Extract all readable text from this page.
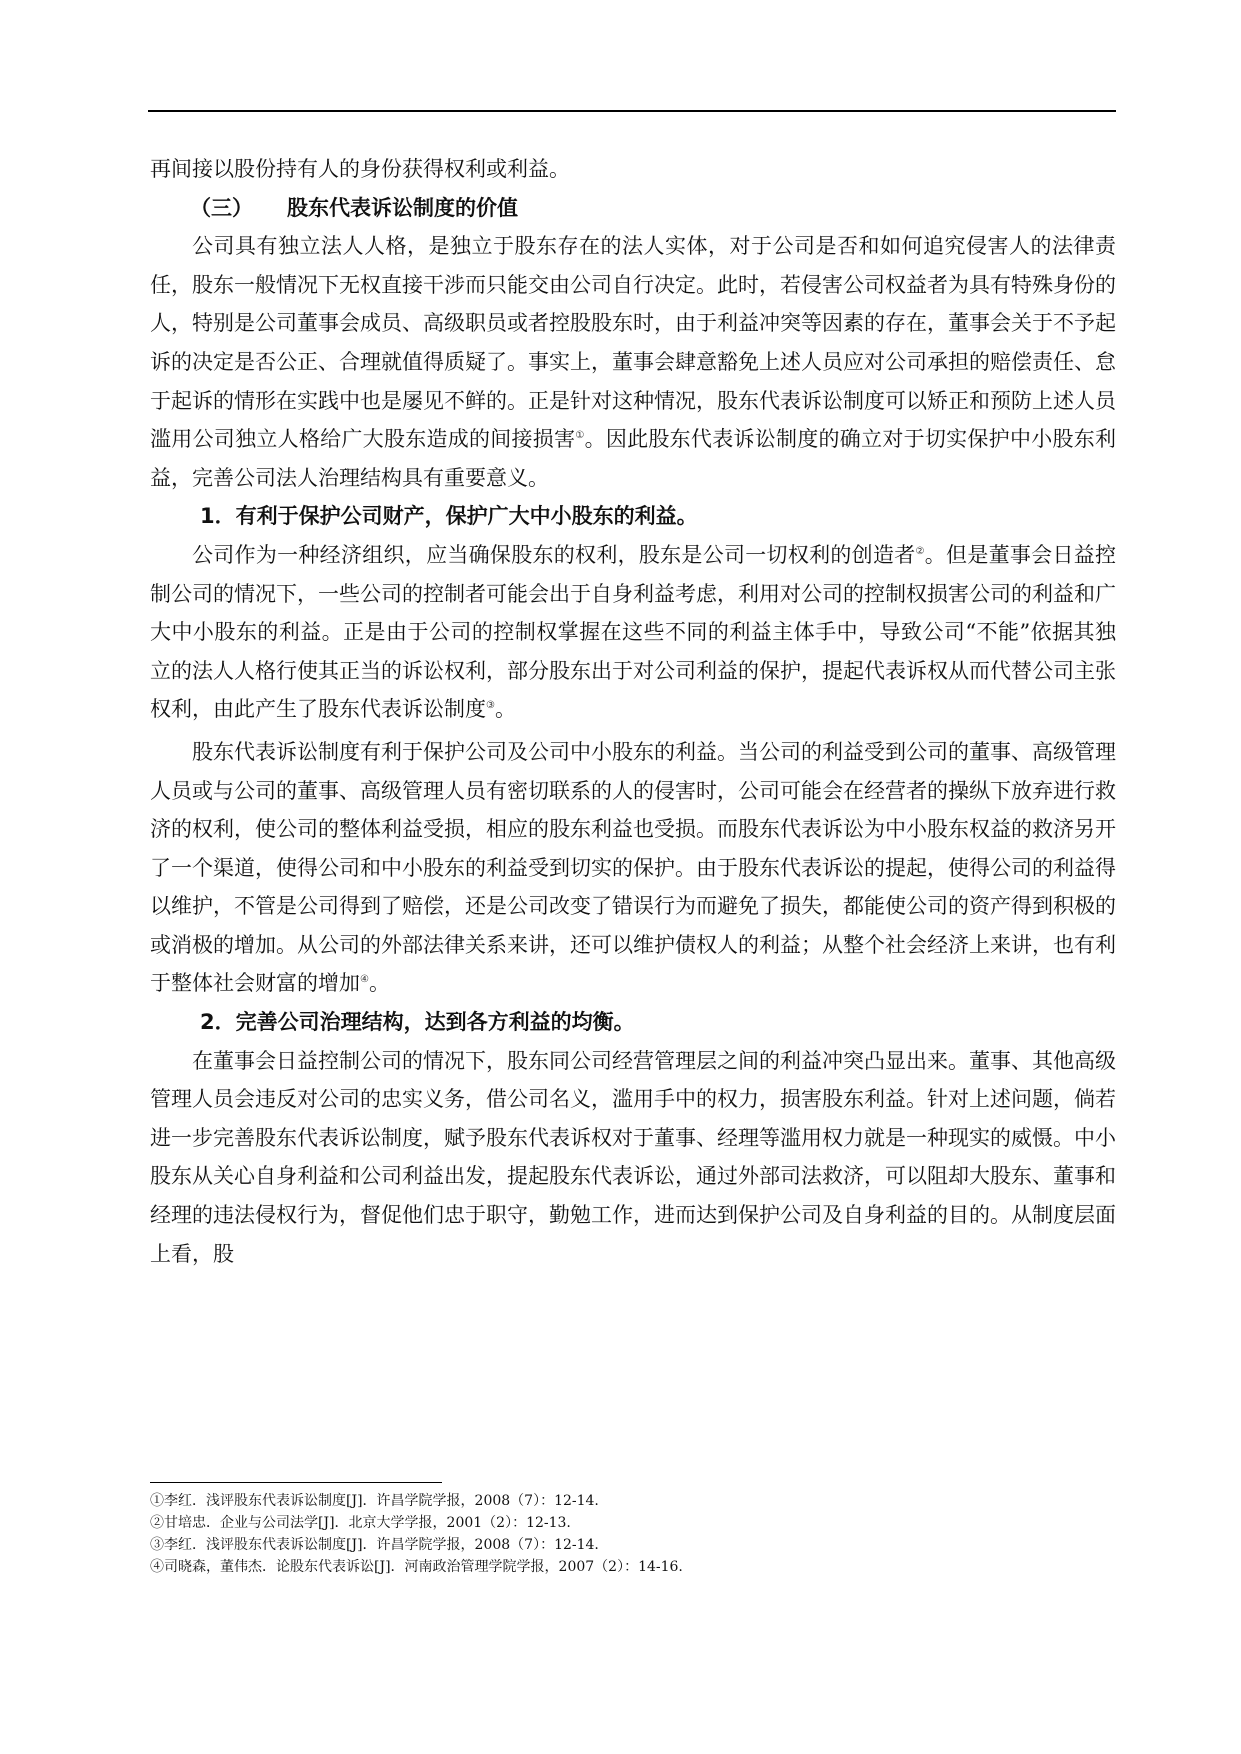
再间接以股份持有人的身份获得权利或利益。

（三） 股东代表诉讼制度的价值

公司具有独立法人人格，是独立于股东存在的法人实体，对于公司是否和如何追究侵害人的法律责任，股东一般情况下无权直接干涉而只能交由公司自行决定。此时，若侵害公司权益者为具有特殊身份的人，特别是公司董事会成员、高级职员或者控股股东时，由于利益冲突等因素的存在，董事会关于不予起诉的决定是否公正、合理就值得质疑了。事实上，董事会肆意豁免上述人员应对公司承担的赔偿责任、怠于起诉的情形在实践中也是屡见不鲜的。正是针对这种情况，股东代表诉讼制度可以矫正和预防上述人员滥用公司独立人格给广大股东造成的间接损害①。因此股东代表诉讼制度的确立对于切实保护中小股东利益，完善公司法人治理结构具有重要意义。

1．有利于保护公司财产，保护广大中小股东的利益。

公司作为一种经济组织，应当确保股东的权利，股东是公司一切权利的创造者②。但是董事会日益控制公司的情况下，一些公司的控制者可能会出于自身利益考虑，利用对公司的控制权损害公司的利益和广大中小股东的利益。正是由于公司的控制权掌握在这些不同的利益主体手中，导致公司“不能”依据其独立的法人人格行使其正当的诉讼权利，部分股东出于对公司利益的保护，提起代表诉权从而代替公司主张权利，由此产生了股东代表诉讼制度③。

股东代表诉讼制度有利于保护公司及公司中小股东的利益。当公司的利益受到公司的董事、高级管理人员或与公司的董事、高级管理人员有密切联系的人的侵害时，公司可能会在经营者的操纵下放弃进行救济的权利，使公司的整体利益受损，相应的股东利益也受损。而股东代表诉讼为中小股东权益的救济另开了一个渠道，使得公司和中小股东的利益受到切实的保护。由于股东代表诉讼的提起，使得公司的利益得以维护，不管是公司得到了赔偿，还是公司改变了错误行为而避免了损失，都能使公司的资产得到积极的或消极的增加。从公司的外部法律关系来讲，还可以维护债权人的利益；从整个社会经济上来讲，也有利于整体社会财富的增加④。

2．完善公司治理结构，达到各方利益的均衡。

在董事会日益控制公司的情况下，股东同公司经营管理层之间的利益冲突凸显出来。董事、其他高级管理人员会违反对公司的忠实义务，借公司名义，滥用手中的权力，损害股东利益。针对上述问题，倘若进一步完善股东代表诉讼制度，赋予股东代表诉权对于董事、经理等滥用权力就是一种现实的威慑。中小股东从关心自身利益和公司利益出发，提起股东代表诉讼，通过外部司法救济，可以阻却大股东、董事和经理的违法侵权行为，督促他们忠于职守，勤勉工作，进而达到保护公司及自身利益的目的。从制度层面上看，股

①李红．浅评股东代表诉讼制度[J]．许昌学院学报，2008（7）：12-14.
②甘培忠．企业与公司法学[J]．北京大学学报，2001（2）：12-13.
③李红．浅评股东代表诉讼制度[J]．许昌学院学报，2008（7）：12-14.
④司晓森，董伟杰．论股东代表诉讼[J]．河南政治管理学院学报，2007（2）：14-16.
